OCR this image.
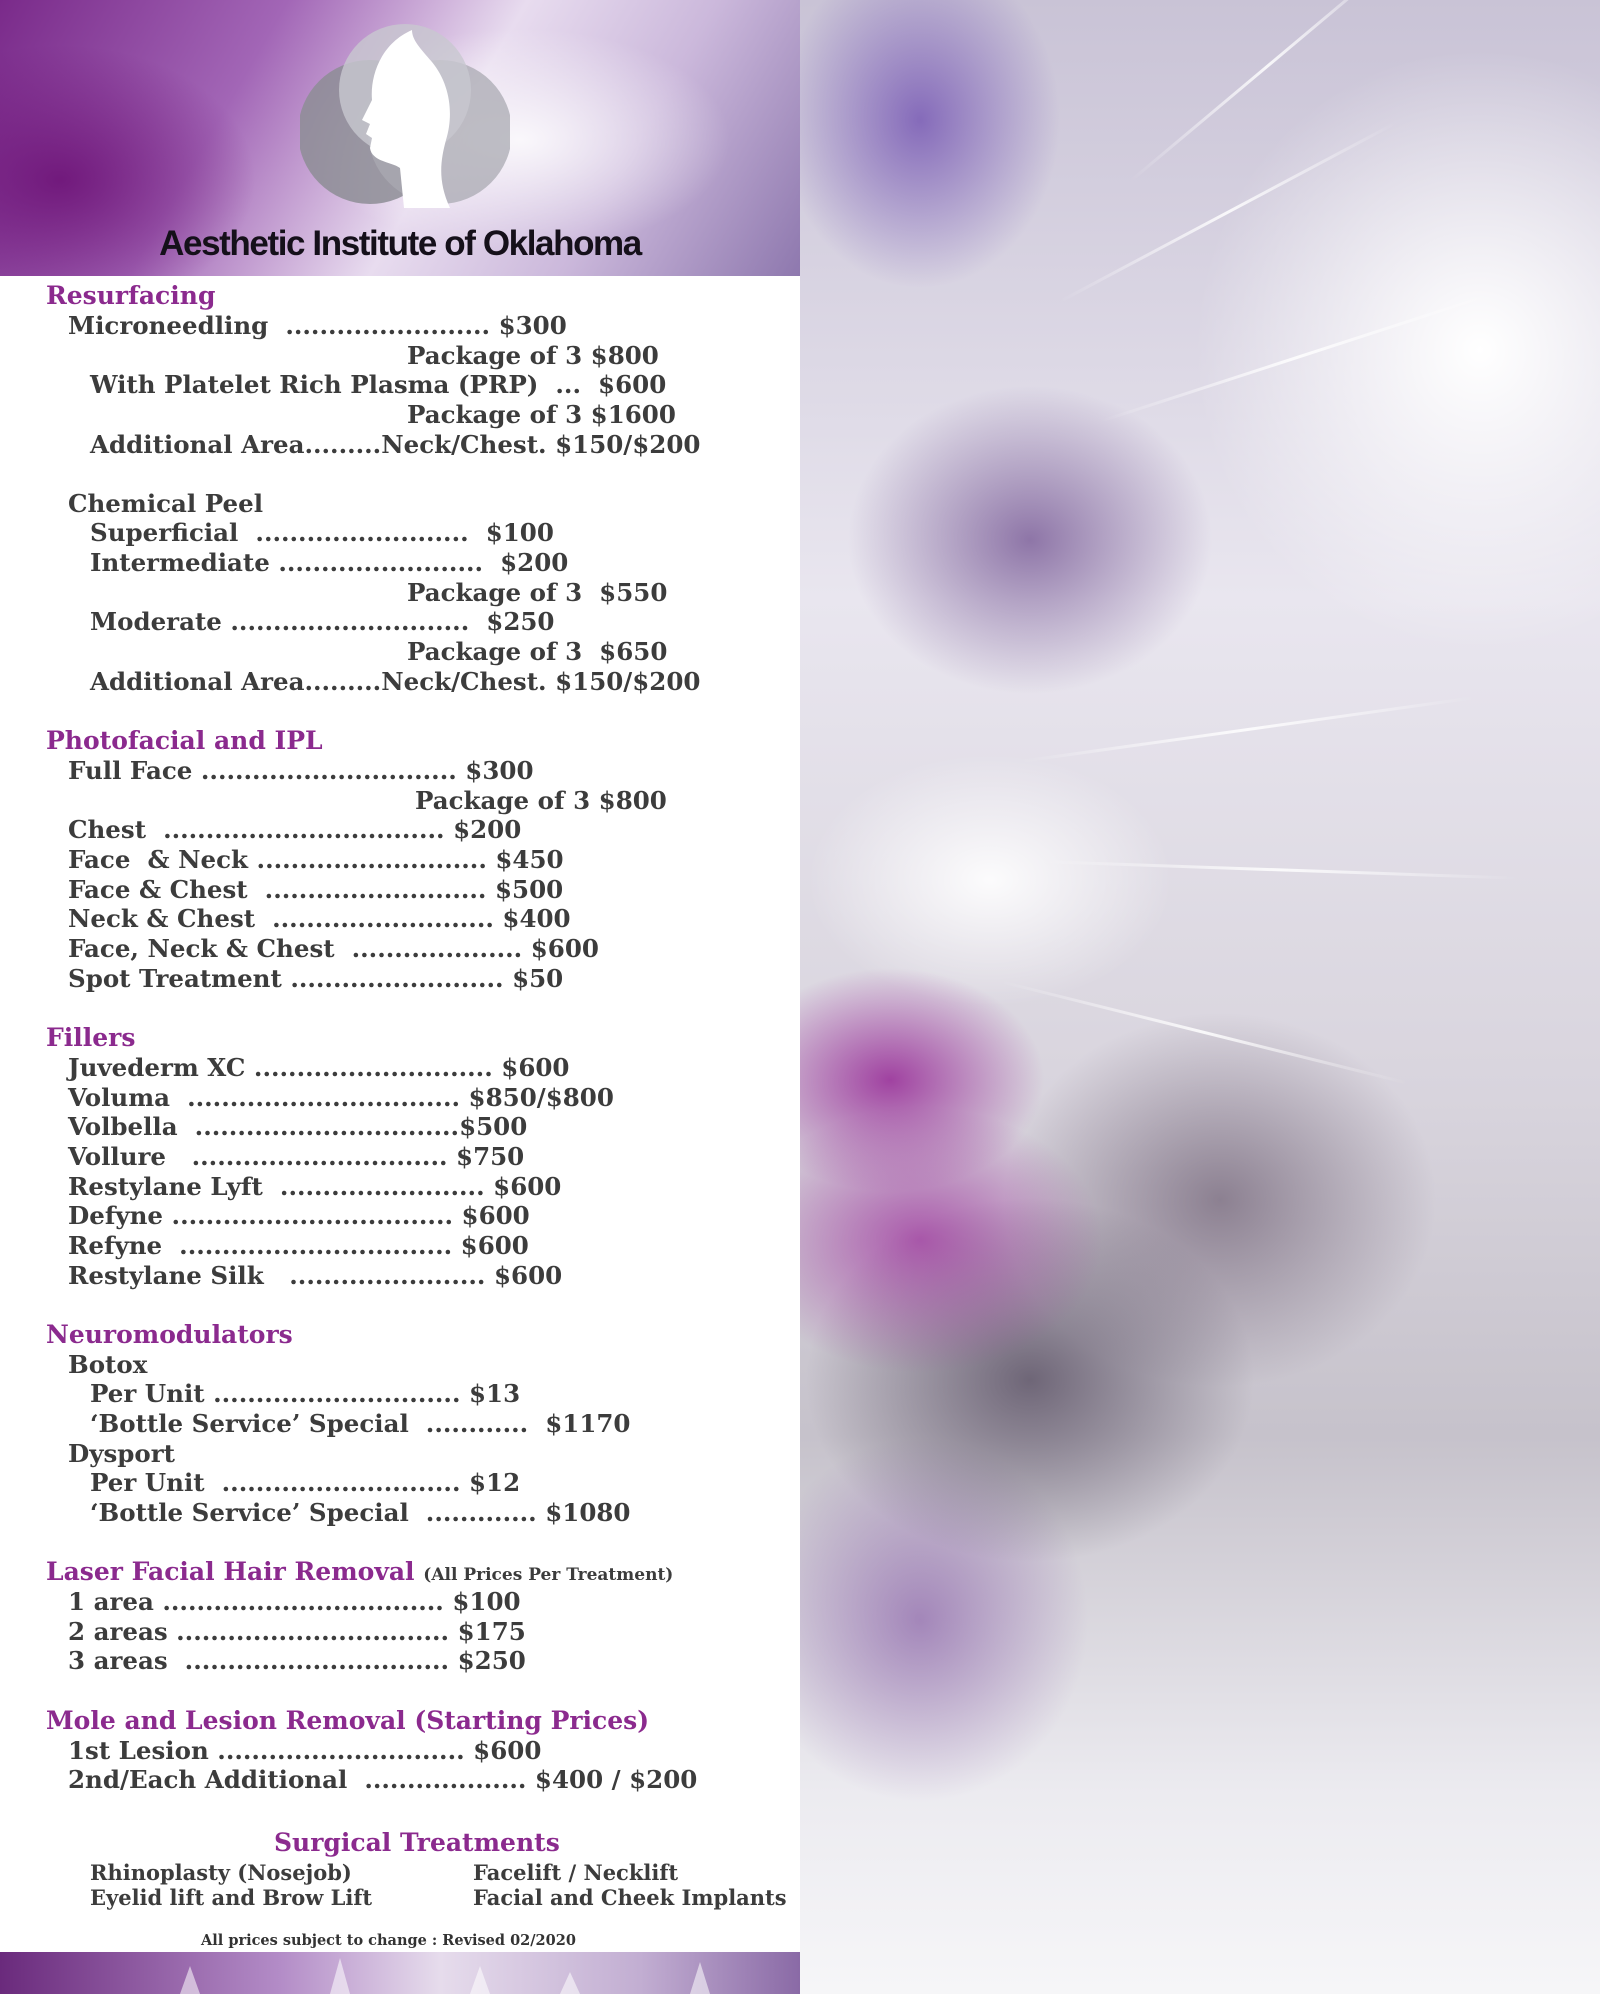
Aesthetic Institute of Oklahoma
Resurfacing
Microneedling  ........................ $300
Package of 3 $800
With Platelet Rich Plasma (PRP)  ...  $600
Package of 3 $1600
Additional Area.........Neck/Chest. $150/$200
Chemical Peel
Superficial  .........................  $100
Intermediate ........................  $200
Package of 3  $550
Moderate ............................  $250
Package of 3  $650
Additional Area.........Neck/Chest. $150/$200
Photofacial and IPL
Full Face .............................. $300
Package of 3 $800
Chest  ................................. $200
Face  & Neck ........................... $450
Face & Chest  .......................... $500
Neck & Chest  .......................... $400
Face, Neck & Chest  .................... $600
Spot Treatment ......................... $50
Fillers
Juvederm XC ............................ $600
Voluma  ................................ $850/$800
Volbella  ...............................$500
Vollure   .............................. $750
Restylane Lyft  ........................ $600
Defyne ................................. $600
Refyne  ................................ $600
Restylane Silk   ....................... $600
Neuromodulators
Botox
Per Unit ............................. $13
‘Bottle Service’ Special  ............  $1170
Dysport
Per Unit  ............................ $12
‘Bottle Service’ Special  ............. $1080
Laser Facial Hair Removal (All Prices Per Treatment)
1 area ................................. $100
2 areas ................................ $175
3 areas  ............................... $250
Mole and Lesion Removal (Starting Prices)
1st Lesion ............................. $600
2nd/Each Additional  ................... $400 / $200
Surgical Treatments
Rhinoplasty (Nosejob)	Facelift / Necklift
Eyelid lift and Brow Lift	Facial and Cheek Implants
All prices subject to change : Revised 02/2020
